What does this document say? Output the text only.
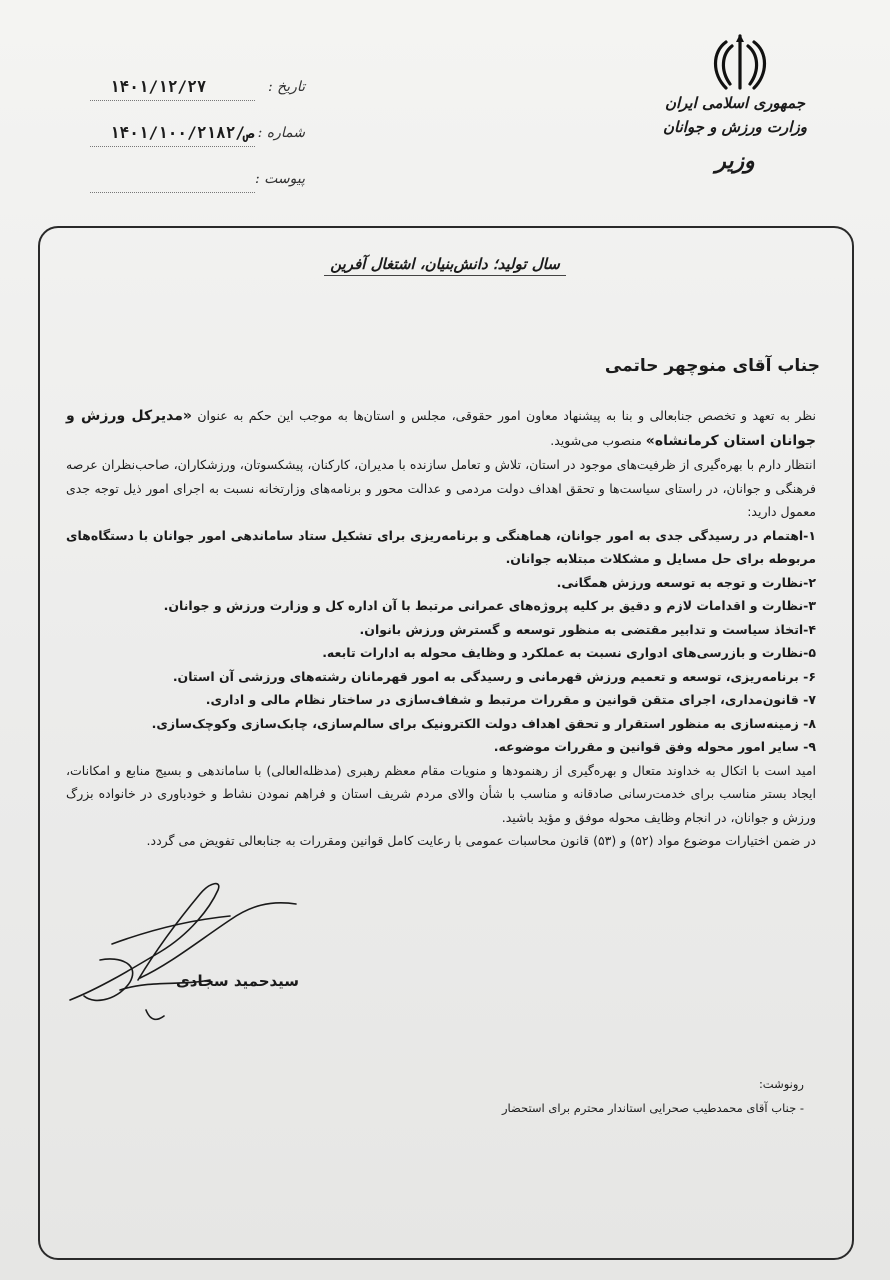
جمهوری اسلامی ایران
وزارت ورزش و جوانان
وزیر
تاریخ :
۱۴۰۱/۱۲/۲۷
شماره :
۱۴۰۱/۱۰۰/۲۱۸۲/ص
پیوست :
سال تولید؛ دانش‌بنیان، اشتغال آفرین
جناب آقای منوچهر حاتمی

نظر به تعهد و تخصص جنابعالی و بنا به پیشنهاد معاون امور حقوقی، مجلس و استان‌ها به موجب این حکم به عنوان «مدیرکل ورزش و جوانان استان کرمانشاه» منصوب می‌شوید.

انتظار دارم با بهره‌گیری از ظرفیت‌های موجود در استان، تلاش و تعامل سازنده با مدیران، کارکنان، پیشکسوتان، ورزشکاران، صاحب‌نظران عرصه فرهنگی و جوانان، در راستای سیاست‌ها و تحقق اهداف دولت مردمی و عدالت محور و برنامه‌های وزارتخانه نسبت به اجرای امور ذیل توجه جدی معمول دارید:

۱-اهتمام در رسیدگی جدی به امور جوانان، هماهنگی و برنامه‌ریزی برای تشکیل ستاد ساماندهی امور جوانان با دستگاه‌های مربوطه برای حل مسایل و مشکلات مبتلابه جوانان.
۲-نظارت و توجه به توسعه ورزش همگانی.
۳-نظارت و اقدامات لازم و دقیق بر کلیه پروژه‌های عمرانی مرتبط با آن اداره کل و وزارت ورزش و جوانان.
۴-اتخاذ سیاست و تدابیر مقتضی به منظور توسعه و گسترش ورزش بانوان.
۵-نظارت و بازرسی‌های ادواری نسبت به عملکرد و وظایف محوله به ادارات تابعه.
۶- برنامه‌ریزی، توسعه و تعمیم ورزش قهرمانی و رسیدگی به امور قهرمانان رشته‌های ورزشی آن استان.
۷- قانون‌مداری، اجرای متقن قوانین و مقررات مرتبط و شفاف‌سازی در ساختار نظام مالی و اداری.
۸- زمینه‌سازی به منظور استقرار و تحقق اهداف دولت الکترونیک برای سالم‌سازی، چابک‌سازی وکوچک‌سازی.
۹- سایر امور محوله وفق قوانین و مقررات موضوعه.

امید است با اتکال به خداوند متعال و بهره‌گیری از رهنمودها و منویات مقام معظم رهبری (مدظله‌العالی) با ساماندهی و بسیج منابع و امکانات، ایجاد بستر مناسب برای خدمت‌رسانی صادقانه و مناسب با شأن والای مردم شریف استان و فراهم نمودن نشاط و خودباوری در خانواده بزرگ ورزش و جوانان، در انجام وظایف محوله موفق و مؤید باشید.

در ضمن اختیارات موضوع مواد (۵۲) و (۵۳) قانون محاسبات عمومی با رعایت کامل قوانین ومقررات به جنابعالی تفویض می گردد.

سیدحمید سجادی
رونوشت:
- جناب آقای محمدطیب صحرایی استاندار محترم برای استحضار
